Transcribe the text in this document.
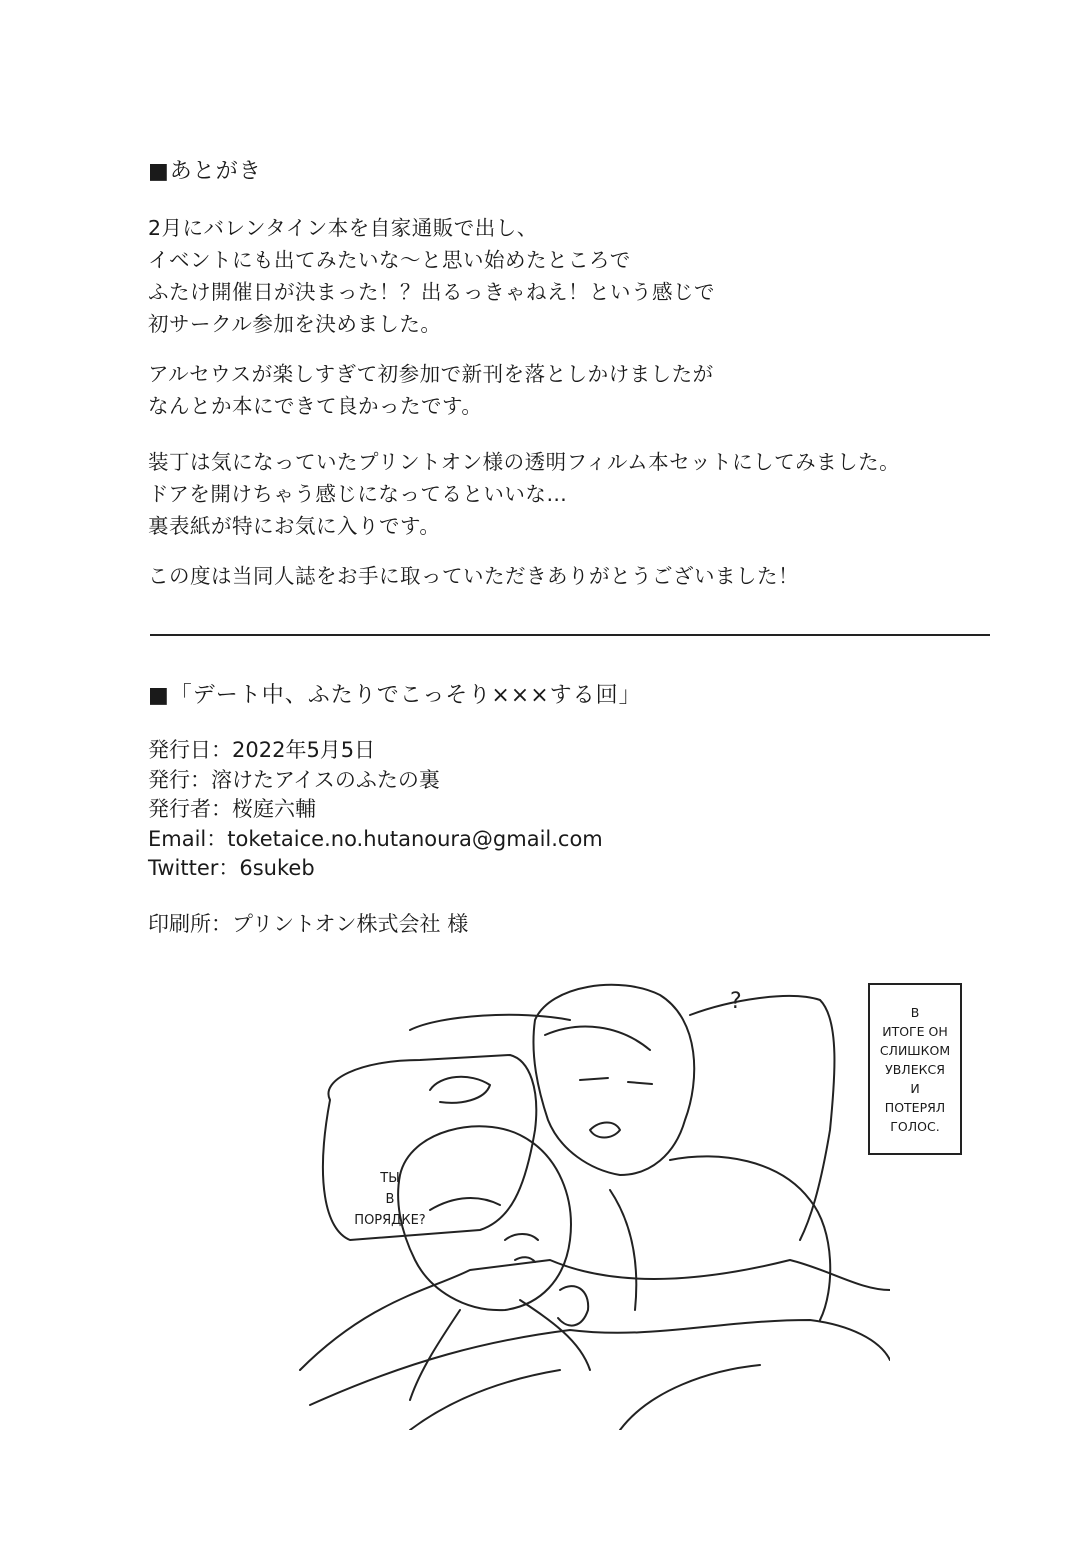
■あとがき
2月にバレンタイン本を自家通販で出し、
イベントにも出てみたいな〜と思い始めたところで
ふたけ開催日が決まった！？出るっきゃねえ！という感じで
初サークル参加を決めました。
アルセウスが楽しすぎて初参加で新刊を落としかけましたが
なんとか本にできて良かったです。
装丁は気になっていたプリントオン様の透明フィルム本セットにしてみました。
ドアを開けちゃう感じになってるといいな…
裏表紙が特にお気に入りです。
この度は当同人誌をお手に取っていただきありがとうございました！
■「デート中、ふたりでこっそり×××する回」
発行日：2022年5月5日
発行：溶けたアイスのふたの裏
発行者：桜庭六輔
Email：toketaice.no.hutanoura@gmail.com
Twitter：6sukeb
印刷所：プリントオン株式会社 様
?	В
ИТОГЕ ОН
СЛИШКОМ
УВЛЕКСЯ
И
ПОТЕРЯЛ
ГОЛОС.
ТЫ
В
ПОРЯДКЕ?
